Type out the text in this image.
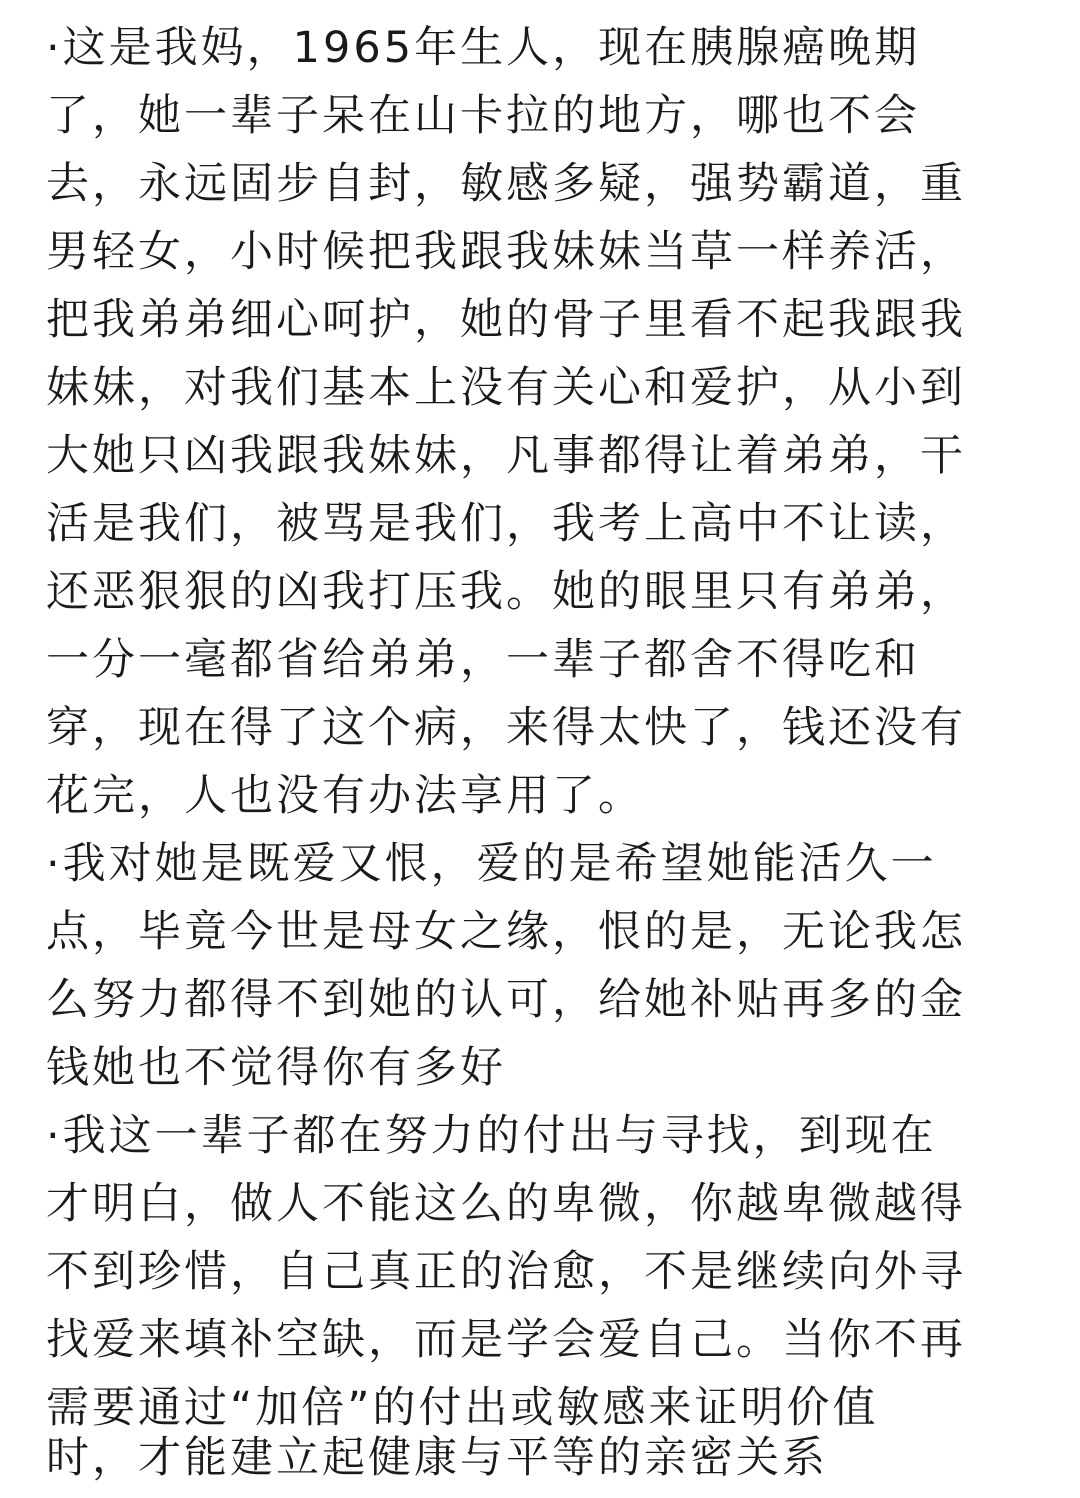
·这是我妈，1965年生人，现在胰腺癌晚期
了，她一辈子呆在山卡拉的地方，哪也不会
去，永远固步自封，敏感多疑，强势霸道，重
男轻女，小时候把我跟我妹妹当草一样养活，
把我弟弟细心呵护，她的骨子里看不起我跟我
妹妹，对我们基本上没有关心和爱护，从小到
大她只凶我跟我妹妹，凡事都得让着弟弟，干
活是我们，被骂是我们，我考上高中不让读，
还恶狠狠的凶我打压我。她的眼里只有弟弟，
一分一毫都省给弟弟，一辈子都舍不得吃和
穿，现在得了这个病，来得太快了，钱还没有
花完，人也没有办法享用了。
·我对她是既爱又恨，爱的是希望她能活久一
点，毕竟今世是母女之缘，恨的是，无论我怎
么努力都得不到她的认可，给她补贴再多的金
钱她也不觉得你有多好
·我这一辈子都在努力的付出与寻找，到现在
才明白，做人不能这么的卑微，你越卑微越得
不到珍惜，自己真正的治愈，不是继续向外寻
找爱来填补空缺，而是学会爱自己。当你不再
需要通过“加倍”的付出或敏感来证明价值
时，才能建立起健康与平等的亲密关系
